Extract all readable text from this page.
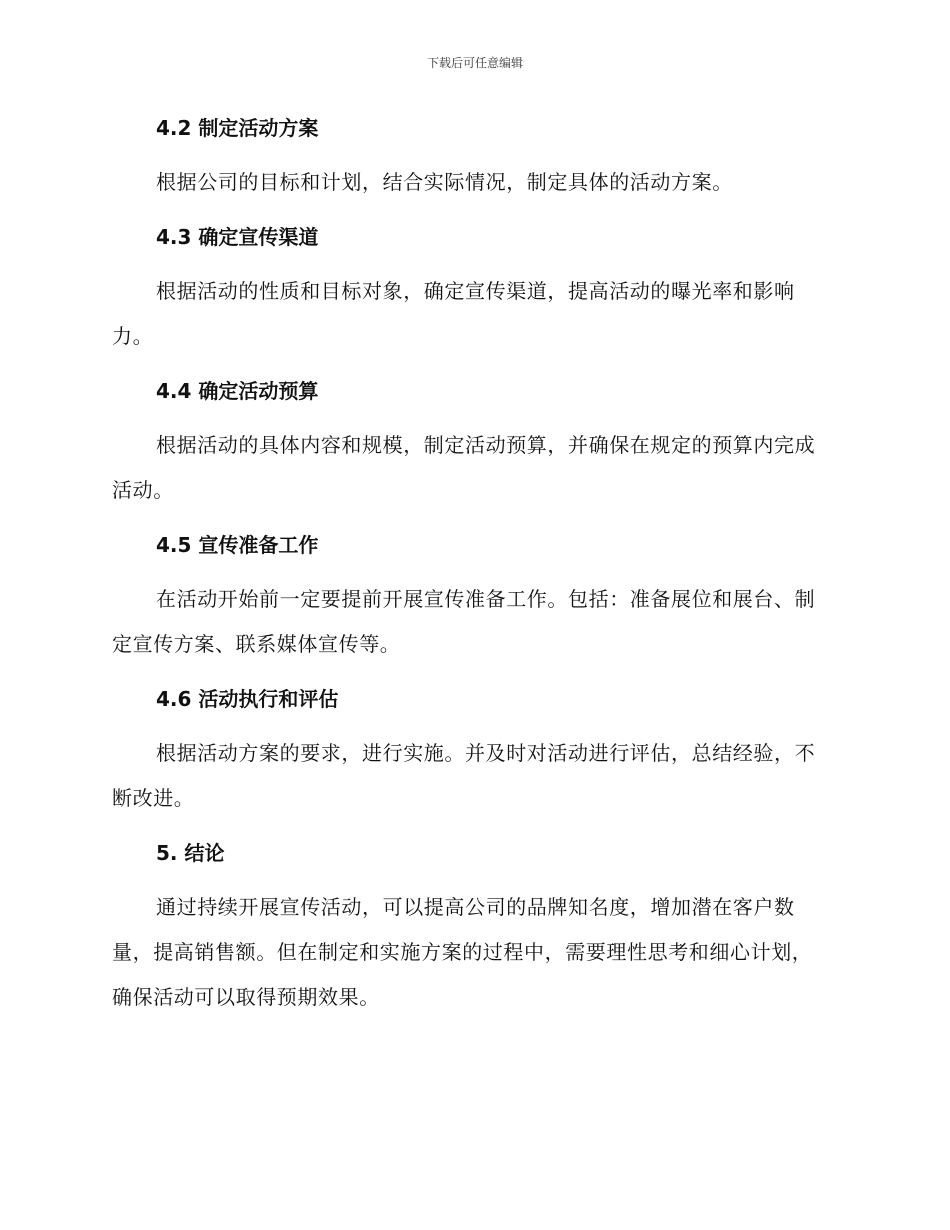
下载后可任意编辑
4.2 制定活动方案

根据公司的目标和计划，结合实际情况，制定具体的活动方案。

4.3 确定宣传渠道

根据活动的性质和目标对象，确定宣传渠道，提高活动的曝光率和影响力。

4.4 确定活动预算

根据活动的具体内容和规模，制定活动预算，并确保在规定的预算内完成活动。

4.5 宣传准备工作

在活动开始前一定要提前开展宣传准备工作。包括：准备展位和展台、制定宣传方案、联系媒体宣传等。

4.6 活动执行和评估

根据活动方案的要求，进行实施。并及时对活动进行评估，总结经验，不断改进。

5. 结论

通过持续开展宣传活动，可以提高公司的品牌知名度，增加潜在客户数量，提高销售额。但在制定和实施方案的过程中，需要理性思考和细心计划，确保活动可以取得预期效果。
